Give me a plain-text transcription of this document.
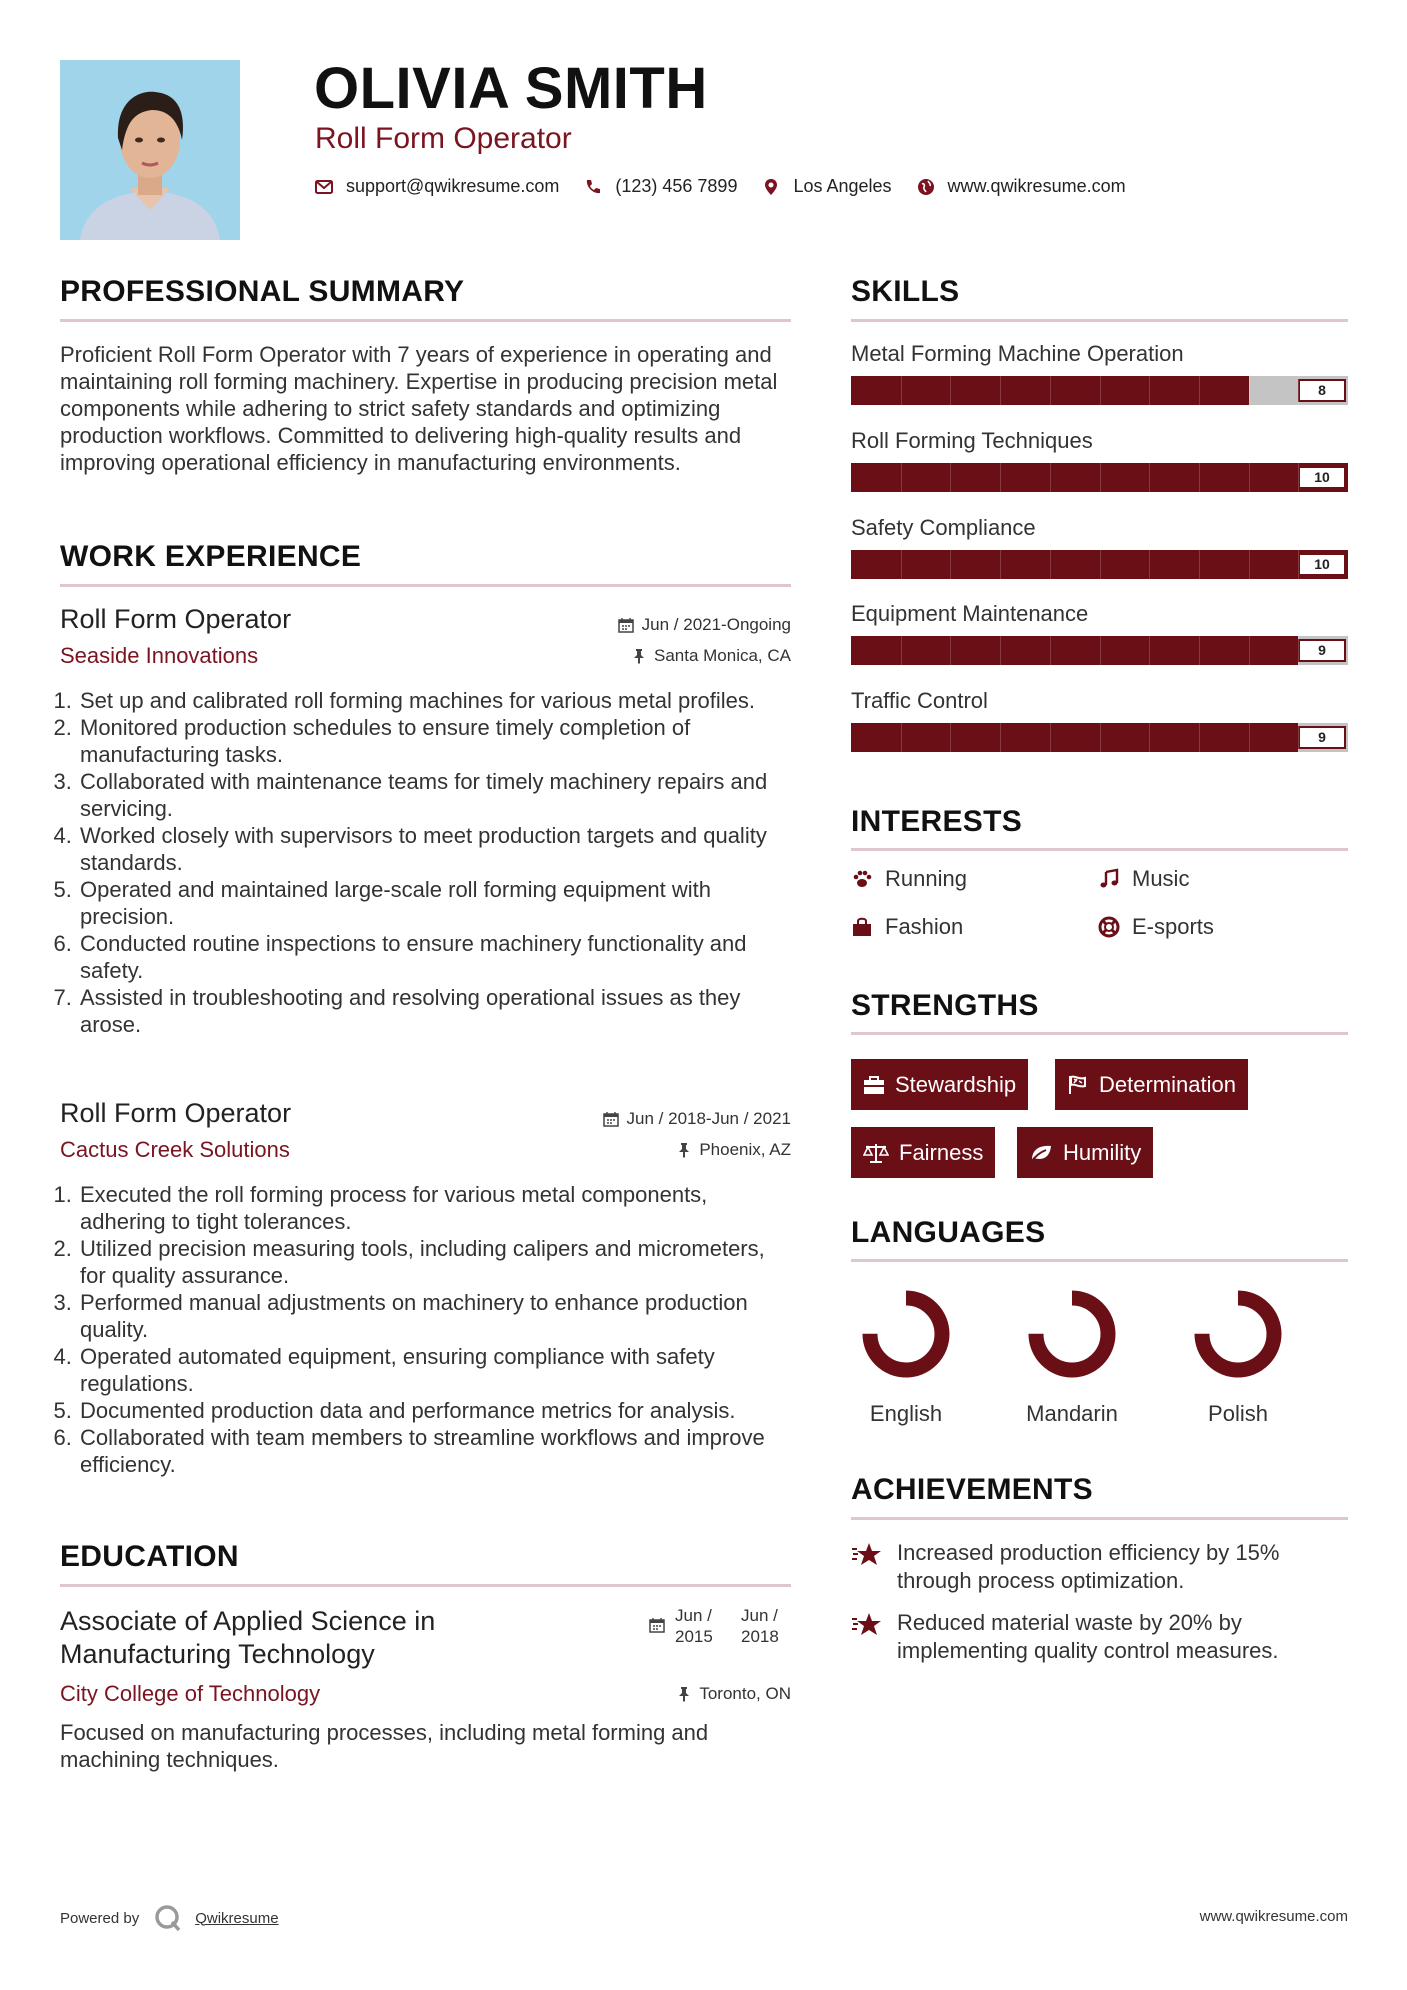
OLIVIA SMITH
Roll Form Operator
support@qwikresume.com	(123) 456 7899	Los Angeles	www.qwikresume.com
PROFESSIONAL SUMMARY
Proficient Roll Form Operator with 7 years of experience in operating and maintaining roll forming machinery. Expertise in producing precision metal components while adhering to strict safety standards and optimizing production workflows. Committed to delivering high-quality results and improving operational efficiency in manufacturing environments.
WORK EXPERIENCE
Roll Form Operator	Jun / 2021-Ongoing
Seaside Innovations	Santa Monica, CA
1. Set up and calibrated roll forming machines for various metal profiles.
2. Monitored production schedules to ensure timely completion of manufacturing tasks.
3. Collaborated with maintenance teams for timely machinery repairs and servicing.
4. Worked closely with supervisors to meet production targets and quality standards.
5. Operated and maintained large-scale roll forming equipment with precision.
6. Conducted routine inspections to ensure machinery functionality and safety.
7. Assisted in troubleshooting and resolving operational issues as they arose.
Roll Form Operator	Jun / 2018-Jun / 2021
Cactus Creek Solutions	Phoenix, AZ
1. Executed the roll forming process for various metal components, adhering to tight tolerances.
2. Utilized precision measuring tools, including calipers and micrometers, for quality assurance.
3. Performed manual adjustments on machinery to enhance production quality.
4. Operated automated equipment, ensuring compliance with safety regulations.
5. Documented production data and performance metrics for analysis.
6. Collaborated with team members to streamline workflows and improve efficiency.
EDUCATION
Associate of Applied Science in Manufacturing Technology
Jun / 2015
Jun / 2018
City College of Technology	Toronto, ON
Focused on manufacturing processes, including metal forming and machining techniques.
SKILLS
Metal Forming Machine Operation
8
Roll Forming Techniques
10
Safety Compliance
10
Equipment Maintenance
9
Traffic Control
9
INTERESTS
Running	Music
Fashion	E-sports
STRENGTHS
Stewardship	Determination
Fairness	Humility
LANGUAGES
English	Mandarin	Polish
ACHIEVEMENTS
Increased production efficiency by 15% through process optimization.
Reduced material waste by 20% by implementing quality control measures.
Powered by	Qwikresume	www.qwikresume.com
